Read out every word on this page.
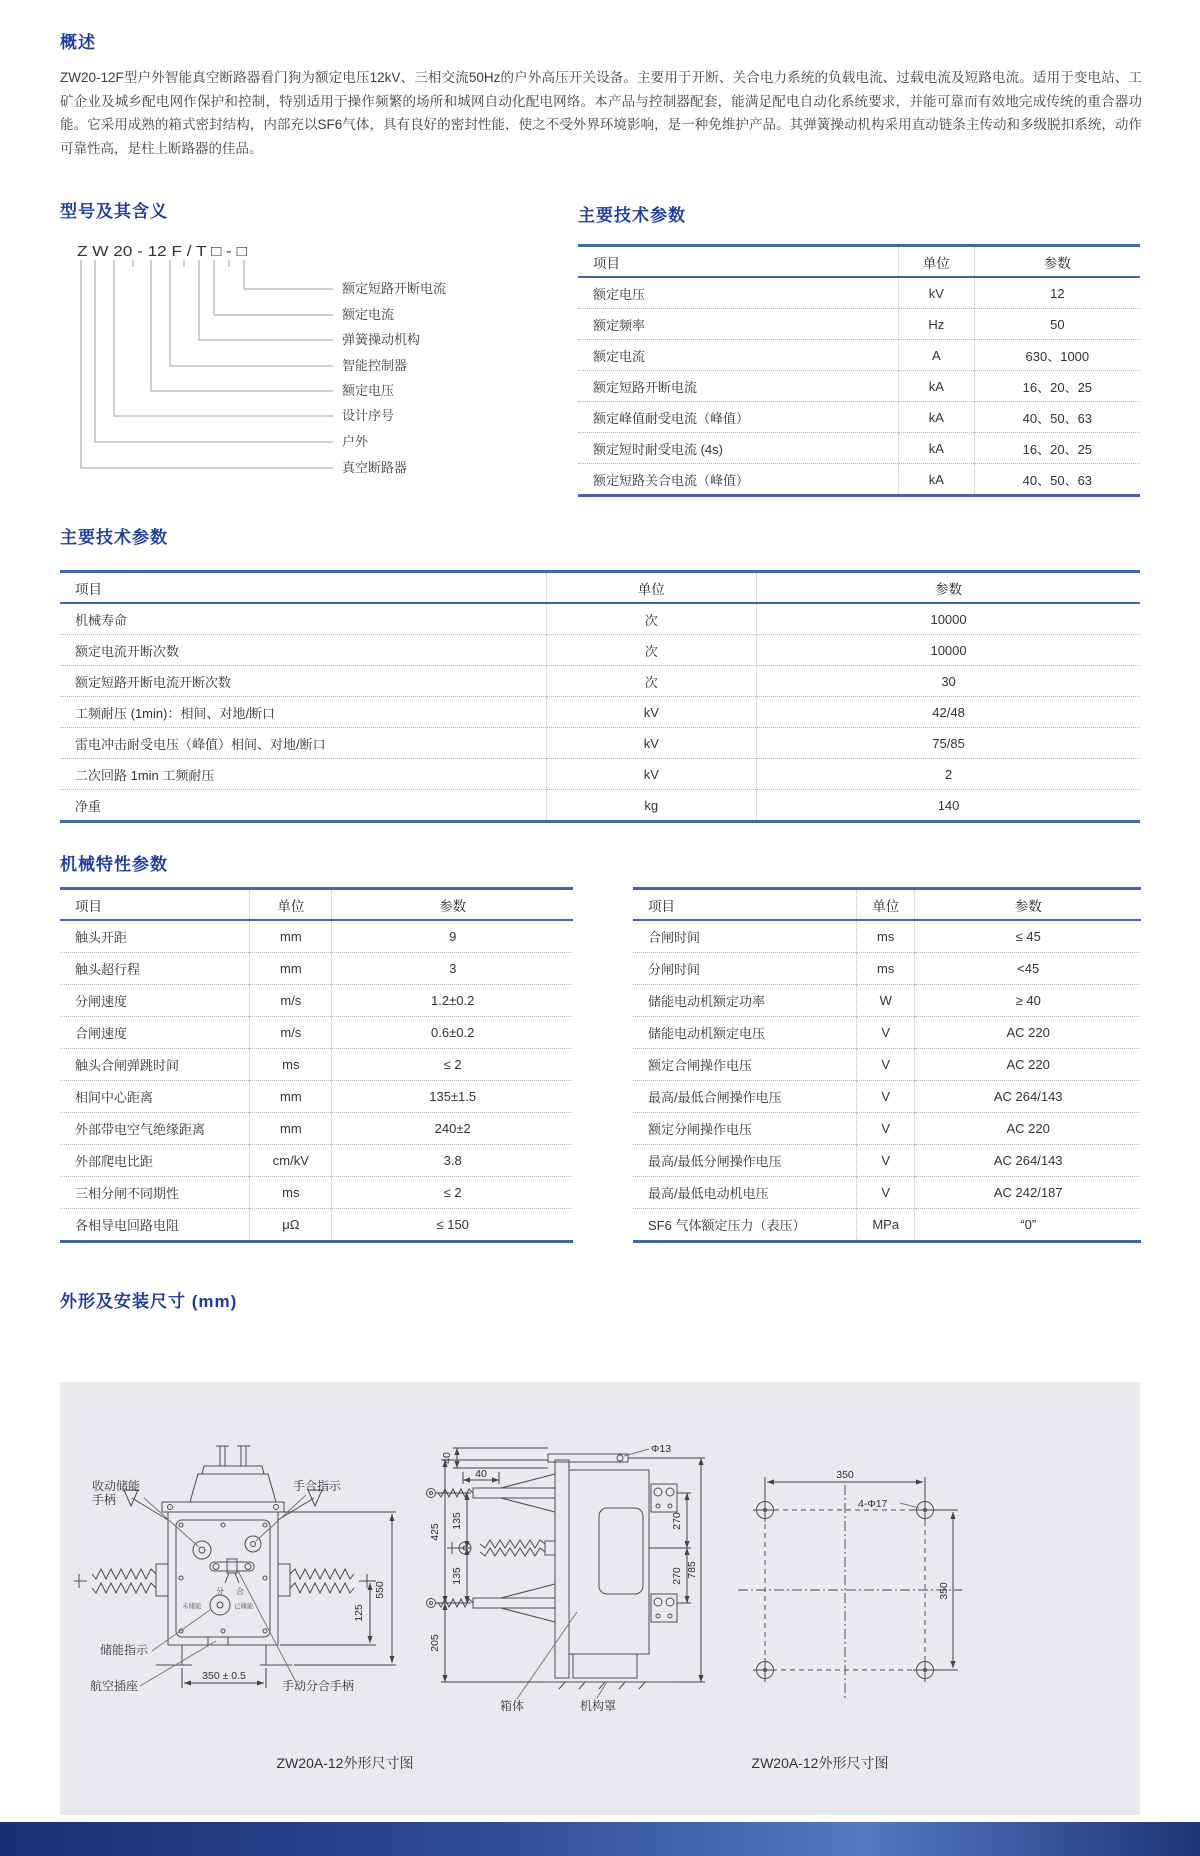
概述

ZW20-12F型户外智能真空断路器看门狗为额定电压12kV、三相交流50Hz的户外高压开关设备。主要用于开断、关合电力系统的负载电流、过载电流及短路电流。适用于变电站、工矿企业及城乡配电网作保护和控制，特别适用于操作频繁的场所和城网自动化配电网络。本产品与控制器配套，能满足配电自动化系统要求，并能可靠而有效地完成传统的重合器功能。它采用成熟的箱式密封结构，内部充以SF6气体，具有良好的密封性能，使之不受外界环境影响，是一种免维护产品。其弹簧操动机构采用直动链条主传动和多级脱扣系统，动作可靠性高，是柱上断路器的佳品。

型号及其含义
Z W 20 - 12 F / T □ - □
额定短路开断电流
额定电流
弹簧操动机构
智能控制器
额定电压
设计序号
户外
真空断路器
主要技术参数
项目	单位	参数
额定电压	kV	12
额定频率	Hz	50
额定电流	A	630、1000
额定短路开断电流	kA	16、20、25
额定峰值耐受电流（峰值）	kA	40、50、63
额定短时耐受电流 (4s)	kA	16、20、25
额定短路关合电流（峰值）	kA	40、50、63
主要技术参数
项目	单位	参数
机械寿命	次	10000
额定电流开断次数	次	10000
额定短路开断电流开断次数	次	30
工频耐压 (1min)：相间、对地/断口	kV	42/48
雷电冲击耐受电压（峰值）相间、对地/断口	kV	75/85
二次回路 1min 工频耐压	kV	2
净重	kg	140
机械特性参数
项目	单位	参数
触头开距	mm	9
触头超行程	mm	3
分闸速度	m/s	1.2±0.2
合闸速度	m/s	0.6±0.2
触头合闸弹跳时间	ms	≤ 2
相间中心距离	mm	135±1.5
外部带电空气绝缘距离	mm	240±2
外部爬电比距	cm/kV	3.8
三相分闸不同期性	ms	≤ 2
各相导电回路电阻	μΩ	≤ 150
项目	单位	参数
合闸时间	ms	≤ 45
分闸时间	ms	<45
储能电动机额定功率	W	≥ 40
储能电动机额定电压	V	AC 220
额定合闸操作电压	V	AC 220
最高/最低合闸操作电压	V	AC 264/143
额定分闸操作电压	V	AC 220
最高/最低分闸操作电压	V	AC 264/143
最高/最低电动机电压	V	AC 242/187
SF6 气体额定压力（表压）	MPa	“0”
外形及安装尺寸 (mm)
收动储能
手柄
手合指示
储能指示
航空插座	手动分合手柄
分 合
未储能	已储能
550
125
350 ± 0.5
40
40
135
135
425
205
Φ13
270
270 785
箱体	机构罩
350
4-Φ17
350
ZW20A-12外形尺寸图	ZW20A-12外形尺寸图
